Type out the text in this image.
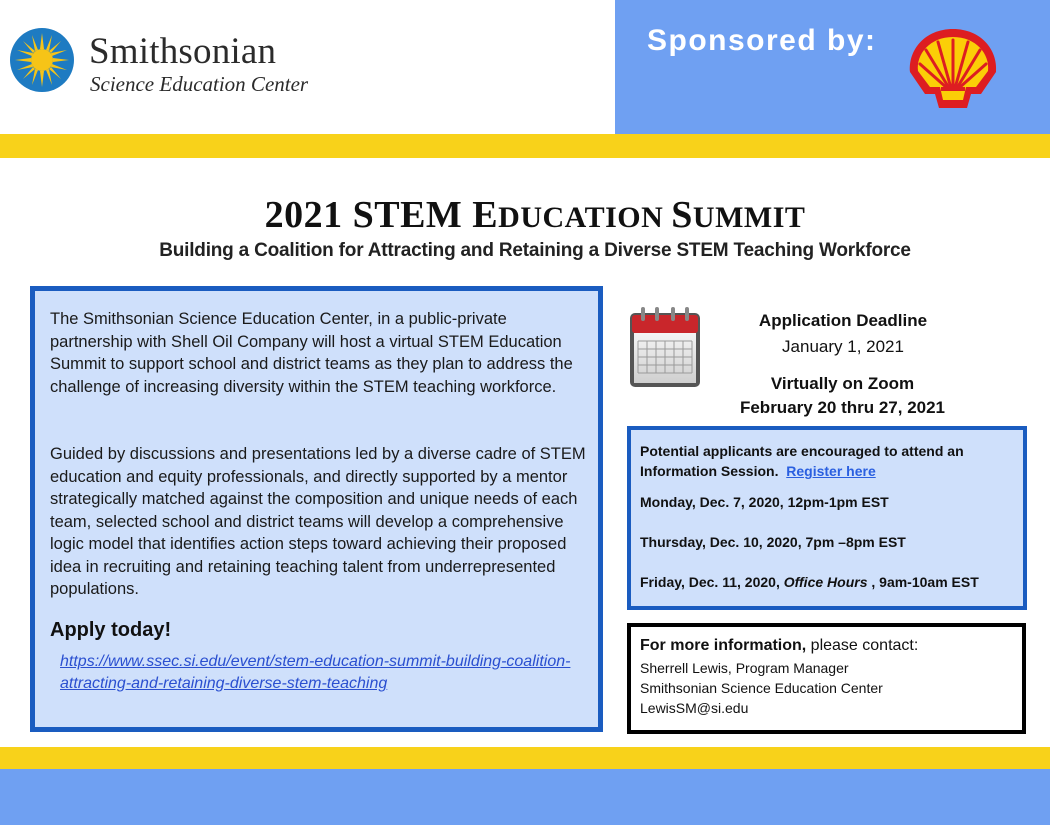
Smithsonian
Science Education Center
Sponsored by:
2021 STEM EDUCATION SUMMIT
Building a Coalition for Attracting and Retaining a Diverse STEM Teaching Workforce
The Smithsonian Science Education Center, in a public-private partnership with Shell Oil Company will host a virtual STEM Education Summit to support school and district teams as they plan to address the challenge of increasing diversity within the STEM teaching workforce.
Guided by discussions and presentations led by a diverse cadre of STEM education and equity professionals, and directly supported by a mentor strategically matched against the composition and unique needs of each team, selected school and district teams will develop a comprehensive logic model that identifies action steps toward achieving their proposed idea in recruiting and retaining teaching talent from underrepresented populations.
Apply today!
https://www.ssec.si.edu/event/stem-education-summit-building-coalition-attracting-and-retaining-diverse-stem-teaching
Application Deadline
January 1, 2021
Virtually on Zoom
February 20 thru 27, 2021
Potential applicants are encouraged to attend an Information Session. Register here
Monday, Dec. 7, 2020, 12pm-1pm EST
Thursday, Dec. 10, 2020, 7pm –8pm EST
Friday, Dec. 11, 2020, Office Hours , 9am-10am EST
For more information, please contact:
Sherrell Lewis, Program Manager
Smithsonian Science Education Center
LewisSM@si.edu
